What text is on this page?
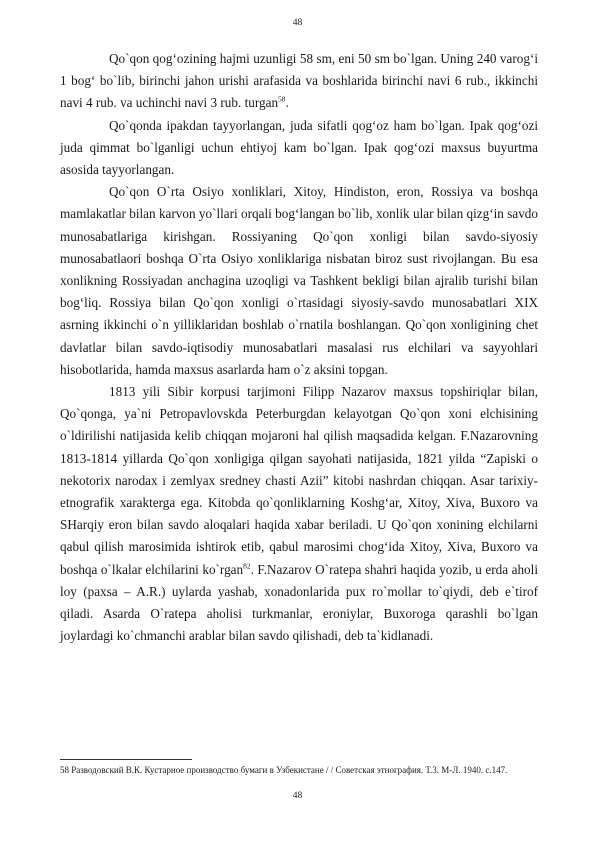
48

Qo`qon qog‘ozining hajmi uzunligi 58 sm, eni 50 sm bo`lgan. Uning 240 varog‘i 1 bog‘ bo`lib, birinchi jahon urishi arafasida va boshlarida birinchi navi 6 rub., ikkinchi navi 4 rub. va uchinchi navi 3 rub. turgan$^{58}$.

Qo`qonda ipakdan tayyorlangan, juda sifatli qog‘oz ham bo`lgan. Ipak qog‘ozi juda qimmat bo`lganligi uchun ehtiyoj kam bo`lgan. Ipak qog‘ozi maxsus buyurtma asosida tayyorlangan.

Qo`qon O`rta Osiyo xonliklari, Xitoy, Hindiston, eron, Rossiya va boshqa mamlakatlar bilan karvon yo`llari orqali bog‘langan bo`lib, xonlik ular bilan qizg‘in savdo munosabatlariga kirishgan. Rossiyaning Qo`qon xonligi bilan savdo-siyosiy munosabatlaori boshqa O`rta Osiyo xonliklariga nisbatan biroz sust rivojlangan. Bu esa xonlikning Rossiyadan anchagina uzoqligi va Tashkent bekligi bilan ajralib turishi bilan bog‘liq. Rossiya bilan Qo`qon xonligi o`rtasidagi siyosiy-savdo munosabatlari XIX asrning ikkinchi o`n yilliklaridan boshlab o`rnatila boshlangan. Qo`qon xonligining chet davlatlar bilan savdo-iqtisodiy munosabatlari masalasi rus elchilari va sayyohlari hisobotlarida, hamda maxsus asarlarda ham o`z aksini topgan.

1813 yili Sibir korpusi tarjimoni Filipp Nazarov maxsus topshiriqlar bilan, Qo`qonga, ya`ni Petropavlovskda Peterburgdan kelayotgan Qo`qon xoni elchisining o`ldirilishi natijasida kelib chiqqan mojaroni hal qilish maqsadida kelgan. F.Nazarovning 1813-1814 yillarda Qo`qon xonligiga qilgan sayohati natijasida, 1821 yilda “Zapiski o nekotorix narodax i zemlyax sredney chasti Azii” kitobi nashrdan chiqqan. Asar tarixiy-etnografik xarakterga ega. Kitobda qo`qonliklarning Koshg‘ar, Xitoy, Xiva, Buxoro va SHarqiy eron bilan savdo aloqalari haqida xabar beriladi. U Qo`qon xonining elchilarni qabul qilish marosimida ishtirok etib, qabul marosimi chog‘ida Xitoy, Xiva, Buxoro va boshqa o`lkalar elchilarini ko`rgan$^{82}$. F.Nazarov O`ratepa shahri haqida yozib, u erda aholi loy (paxsa – A.R.) uylarda yashab, xonadonlarida pux ro`mollar to`qiydi, deb e`tirof qiladi. Asarda O`ratepa aholisi turkmanlar, eroniylar, Buxoroga qarashli bo`lgan joylardagi ko`chmanchi arablar bilan savdo qilishadi, deb ta`kidlanadi.

58 Разводовский В.К. Кустарное производство бумаги в Узбекистане / / Советская этнография. Т.3. М-Л. 1940. с.147.
48
